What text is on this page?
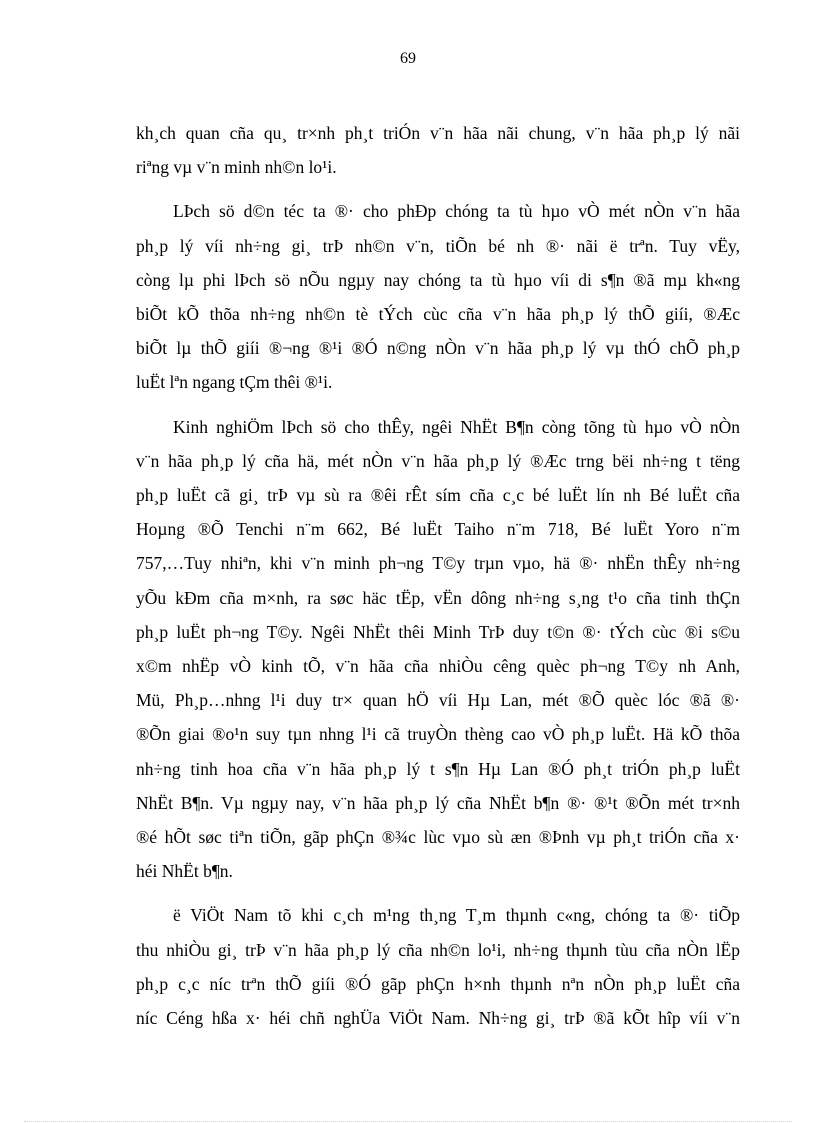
69

kh¸ch quan cña qu¸ tr×nh ph¸t triÓn v¨n hãa nãi chung, v¨n hãa ph¸p lý nãi
riªng vµ v¨n minh nh©n lo¹i.

LÞch sö d©n téc ta ®· cho phÐp chóng ta tù hµo vÒ mét nÒn v¨n hãa
ph¸p lý víi nh÷ng gi¸ trÞ nh©n v¨n, tiÕn bé nh ®· nãi ë trªn. Tuy vËy,
còng lµ phi lÞch sö nÕu ngµy nay chóng ta tù hµo víi di s¶n ®ã mµ kh«ng
biÕt kÕ thõa nh÷ng nh©n tè tÝch cùc cña v¨n hãa ph¸p lý thÕ giíi, ®Æc
biÕt lµ thÕ giíi ®¬ng ®¹i ®Ó n©ng nÒn v¨n hãa ph¸p lý vµ thÓ chÕ ph¸p
luËt lªn ngang tÇm thêi ®¹i.

Kinh nghiÖm lÞch sö cho thÊy, ngêi NhËt B¶n còng tõng tù hµo vÒ nÒn
v¨n hãa ph¸p lý cña hä, mét nÒn v¨n hãa ph¸p lý ®Æc trng bëi nh÷ng t tëng
ph¸p luËt cã gi¸ trÞ vµ sù ra ®êi rÊt sím cña c¸c bé luËt lín nh Bé luËt cña
Hoµng ®Õ Tenchi n¨m 662, Bé luËt Taiho n¨m 718, Bé luËt Yoro n¨m
757,…Tuy nhiªn, khi v¨n minh ph¬ng T©y trµn vµo, hä ®· nhËn thÊy nh÷ng
yÕu kÐm cña m×nh, ra søc häc tËp, vËn dông nh÷ng s¸ng t¹o cña tinh thÇn
ph¸p luËt ph¬ng T©y. Ngêi NhËt thêi Minh TrÞ duy t©n ®· tÝch cùc ®i s©u
x©m nhËp vÒ kinh tÕ, v¨n hãa cña nhiÒu cêng quèc ph¬ng T©y nh Anh,
Mü, Ph¸p…nhng l¹i duy tr× quan hÖ víi Hµ Lan, mét ®Õ quèc lóc ®ã ®·
®Õn giai ®o¹n suy tµn nhng l¹i cã truyÒn thèng cao vÒ ph¸p luËt. Hä kÕ thõa
nh÷ng tinh hoa cña v¨n hãa ph¸p lý t s¶n Hµ Lan ®Ó ph¸t triÓn ph¸p luËt
NhËt B¶n. Vµ ngµy nay, v¨n hãa ph¸p lý cña NhËt b¶n ®· ®¹t ®Õn mét tr×nh
®é hÕt søc tiªn tiÕn, gãp phÇn ®¾c lùc vµo sù æn ®Þnh vµ ph¸t triÓn cña x·
héi NhËt b¶n.

ë ViÖt Nam tõ khi c¸ch m¹ng th¸ng T¸m thµnh c«ng, chóng ta ®· tiÕp
thu nhiÒu gi¸ trÞ v¨n hãa ph¸p lý cña nh©n lo¹i, nh÷ng thµnh tùu cña nÒn lËp
ph¸p c¸c níc trªn thÕ giíi ®Ó gãp phÇn h×nh thµnh nªn nÒn ph¸p luËt cña
níc Céng hßa x· héi chñ nghÜa ViÖt Nam. Nh÷ng gi¸ trÞ ®ã kÕt hîp víi v¨n
